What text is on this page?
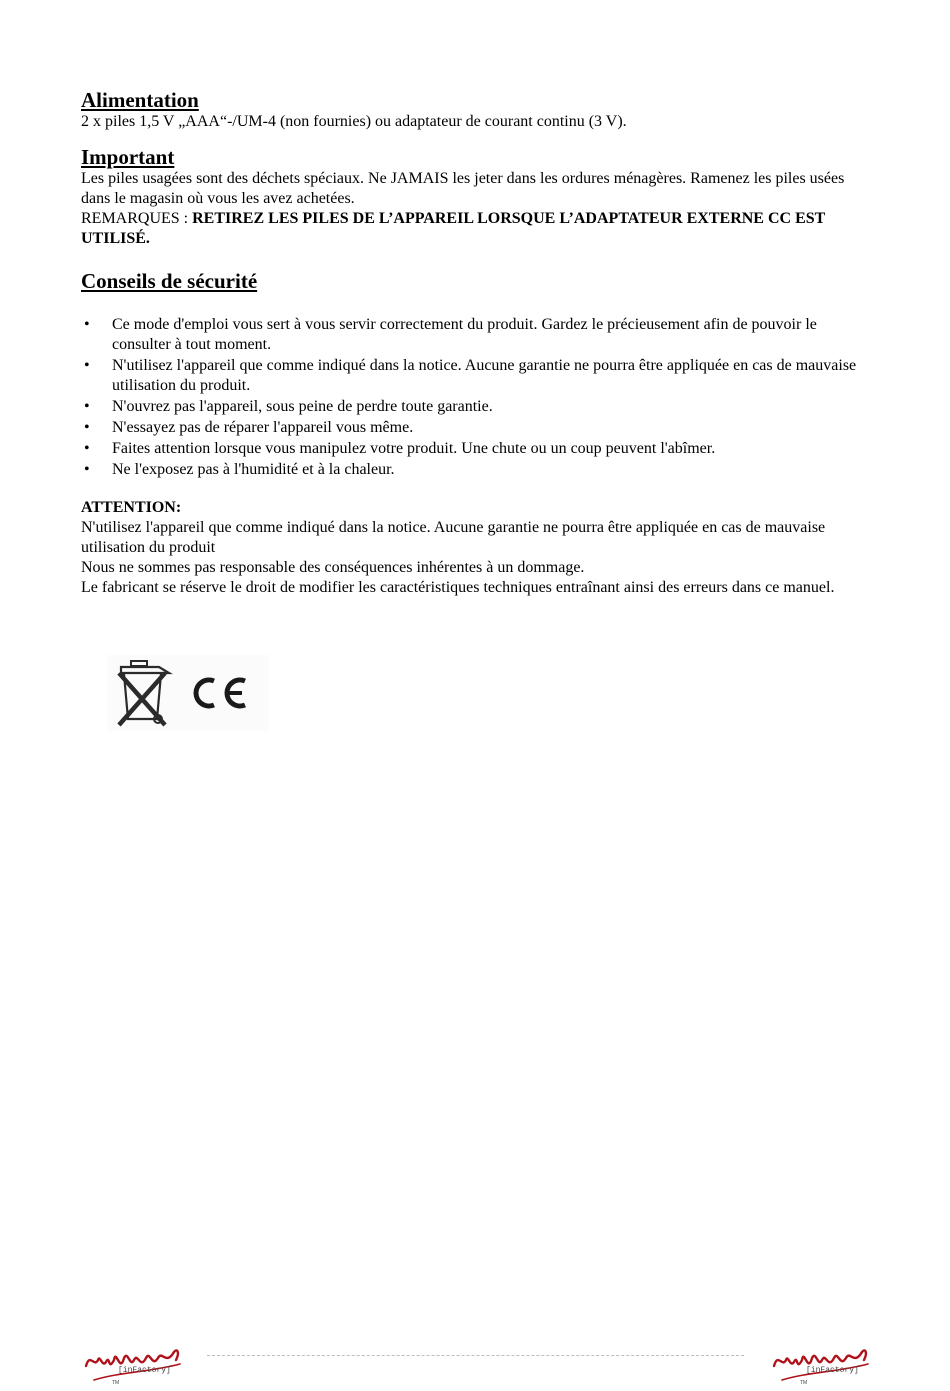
Alimentation

2 x piles 1,5 V „AAA“-/UM-4 (non fournies) ou adaptateur de courant continu (3 V).

Important

Les piles usagées sont des déchets spéciaux. Ne JAMAIS les jeter dans les ordures ménagères. Ramenez les piles usées dans le magasin où vous les avez achetées.

REMARQUES : RETIREZ LES PILES DE L’APPAREIL LORSQUE L’ADAPTATEUR EXTERNE CC EST UTILISÉ.

Conseils de sécurité
• Ce mode d'emploi vous sert à vous servir correctement du produit. Gardez le précieusement afin de pouvoir le consulter à tout moment.
• N'utilisez l'appareil que comme indiqué dans la notice. Aucune garantie ne pourra être appliquée en cas de mauvaise utilisation du produit.
• N'ouvrez pas l'appareil, sous peine de perdre toute garantie.
• N'essayez pas de réparer l'appareil vous même.
• Faites attention lorsque vous manipulez votre produit. Une chute ou un coup peuvent l'abîmer.
• Ne l'exposez pas à l'humidité et à la chaleur.

ATTENTION:

N'utilisez l'appareil que comme indiqué dans la notice. Aucune garantie ne pourra être appliquée en cas de mauvaise utilisation du produit

Nous ne sommes pas responsable des conséquences inhérentes à un dommage.

Le fabricant se réserve le droit de modifier les caractéristiques techniques entraînant ainsi des erreurs dans ce manuel.

[inFactory]
TM
[inFactory]
TM
